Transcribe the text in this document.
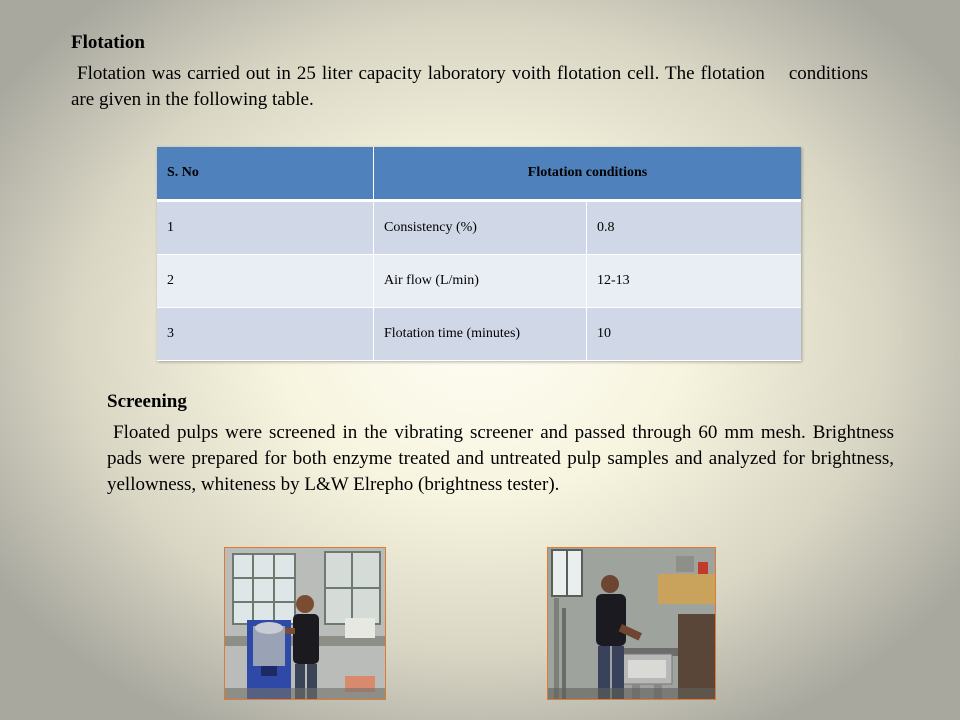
Flotation

Flotation was carried out in 25 liter capacity laboratory voith flotation cell. The flotation    conditions are given in the following table.

S. No	Flotation conditions	
1	Consistency (%)	0.8
2	Air flow (L/min)	12-13
3	Flotation time (minutes)	10
Screening

Floated pulps were screened in the vibrating screener and passed through 60 mm mesh. Brightness pads were prepared for both enzyme treated and untreated pulp samples and analyzed for brightness, yellowness, whiteness by L&W Elrepho (brightness tester).
